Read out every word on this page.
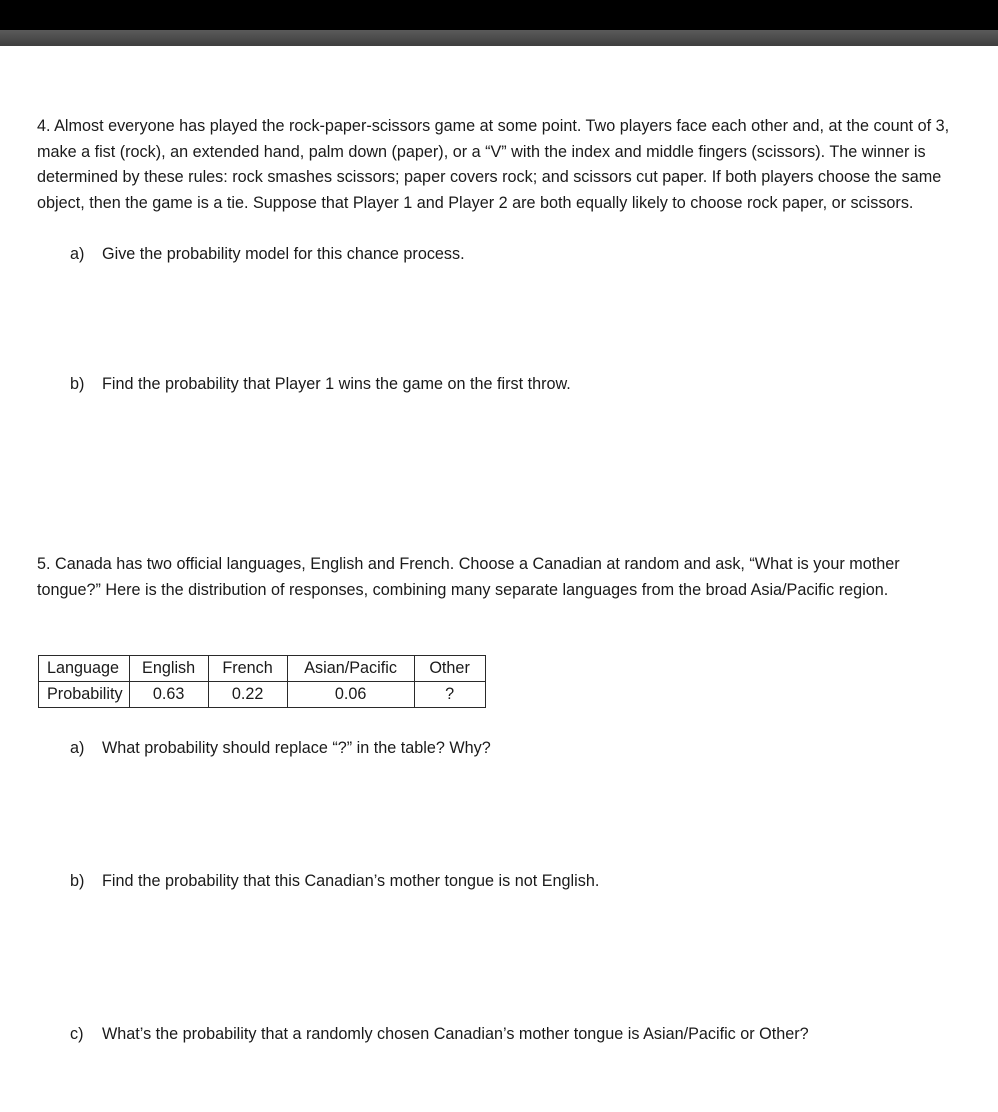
4. Almost everyone has played the rock-paper-scissors game at some point. Two players face each other and, at the count of 3, make a fist (rock), an extended hand, palm down (paper), or a “V” with the index and middle fingers (scissors). The winner is determined by these rules: rock smashes scissors; paper covers rock; and scissors cut paper. If both players choose the same object, then the game is a tie. Suppose that Player 1 and Player 2 are both equally likely to choose rock paper, or scissors.

a) Give the probability model for this chance process.

b) Find the probability that Player 1 wins the game on the first throw.

5. Canada has two official languages, English and French. Choose a Canadian at random and ask, “What is your mother tongue?” Here is the distribution of responses, combining many separate languages from the broad Asia/Pacific region.

Language	English	French	Asian/Pacific	Other
Probability	0.63	0.22	0.06	?

a) What probability should replace “?” in the table? Why?

b) Find the probability that this Canadian’s mother tongue is not English.

c) What’s the probability that a randomly chosen Canadian’s mother tongue is Asian/Pacific or Other?
